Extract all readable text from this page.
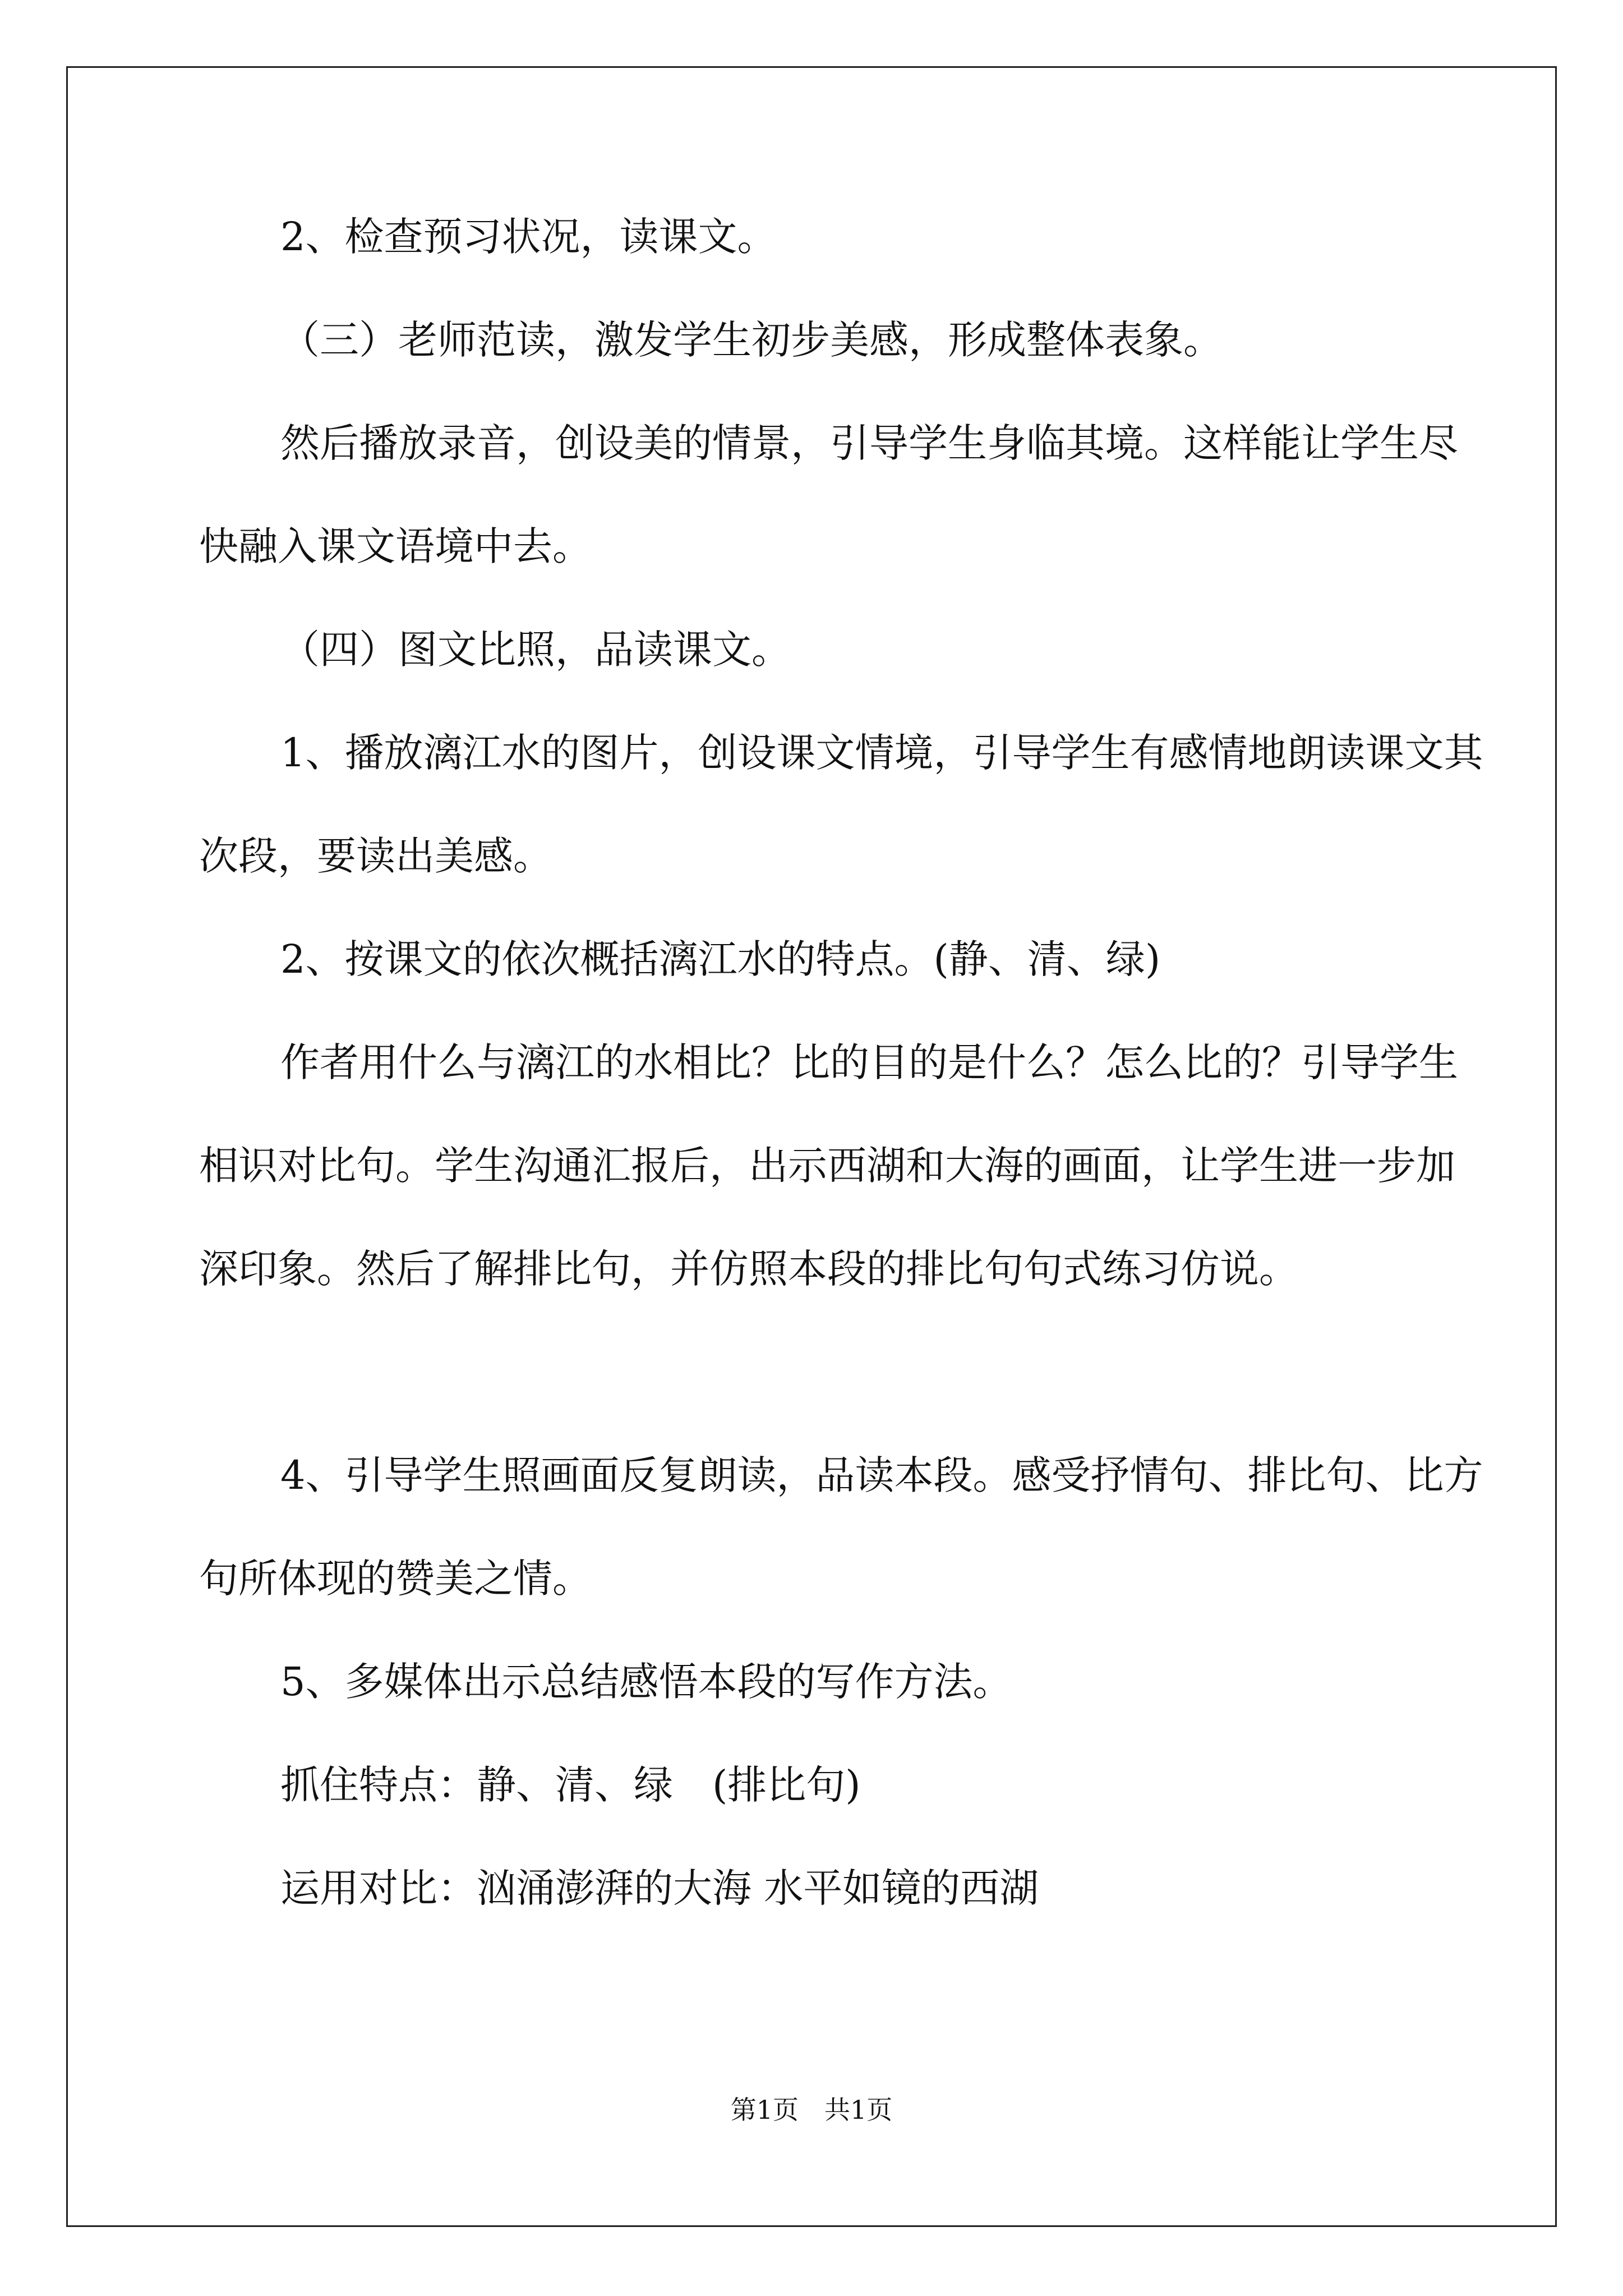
2、检查预习状况，读课文。

（三）老师范读，激发学生初步美感，形成整体表象。

然后播放录音，创设美的情景，引导学生身临其境。这样能让学生尽快融入课文语境中去。

（四）图文比照，品读课文。

1、播放漓江水的图片，创设课文情境，引导学生有感情地朗读课文其次段，要读出美感。

2、按课文的依次概括漓江水的特点。(静、清、绿)

作者用什么与漓江的水相比？比的目的是什么？怎么比的？引导学生相识对比句。学生沟通汇报后，出示西湖和大海的画面，让学生进一步加深印象。然后了解排比句，并仿照本段的排比句句式练习仿说。

4、引导学生照画面反复朗读，品读本段。感受抒情句、排比句、比方句所体现的赞美之情。

5、多媒体出示总结感悟本段的写作方法。

抓住特点：静、清、绿　(排比句)

运用对比：汹涌澎湃的大海 水平如镜的西湖

第1页　共1页
